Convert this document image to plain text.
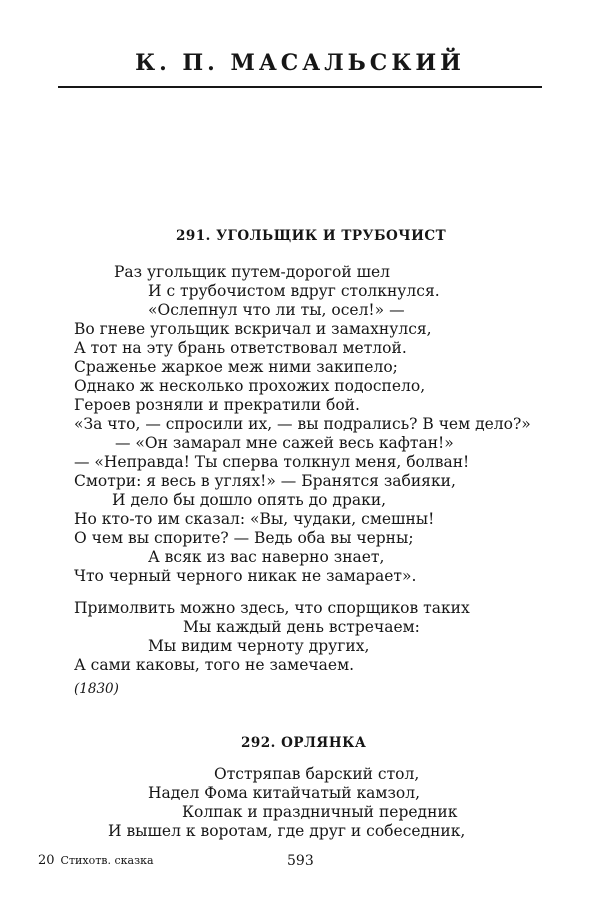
К. П. МАСАЛЬСКИЙ
291. УГОЛЬЩИК И ТРУБОЧИСТ
Раз угольщик путем-дорогой шел
И с трубочистом вдруг столкнулся.
«Ослепнул что ли ты, осел!» —
Во гневе угольщик вскричал и замахнулся,
А тот на эту брань ответствовал метлой.
Сраженье жаркое меж ними закипело;
Однако ж несколько прохожих подоспело,
Героев розняли и прекратили бой.
«За что, — спросили их, — вы подрались? В чем дело?»
— «Он замарал мне сажей весь кафтан!»
— «Неправда! Ты сперва толкнул меня, болван!
Смотри: я весь в углях!» — Бранятся забияки,
И дело бы дошло опять до драки,
Но кто-то им сказал: «Вы, чудаки, смешны!
О чем вы спорите? — Ведь оба вы черны;
А всяк из вас наверно знает,
Что черный черного никак не замарает».
Примолвить можно здесь, что спорщиков таких
Мы каждый день встречаем:
Мы видим черноту других,
А сами каковы, того не замечаем.
(1830)
292. ОРЛЯНКА
Отстряпав барский стол,
Надел Фома китайчатый камзол,
Колпак и праздничный передник
И вышел к воротам, где друг и собеседник,
20 Стихотв. сказка	593
